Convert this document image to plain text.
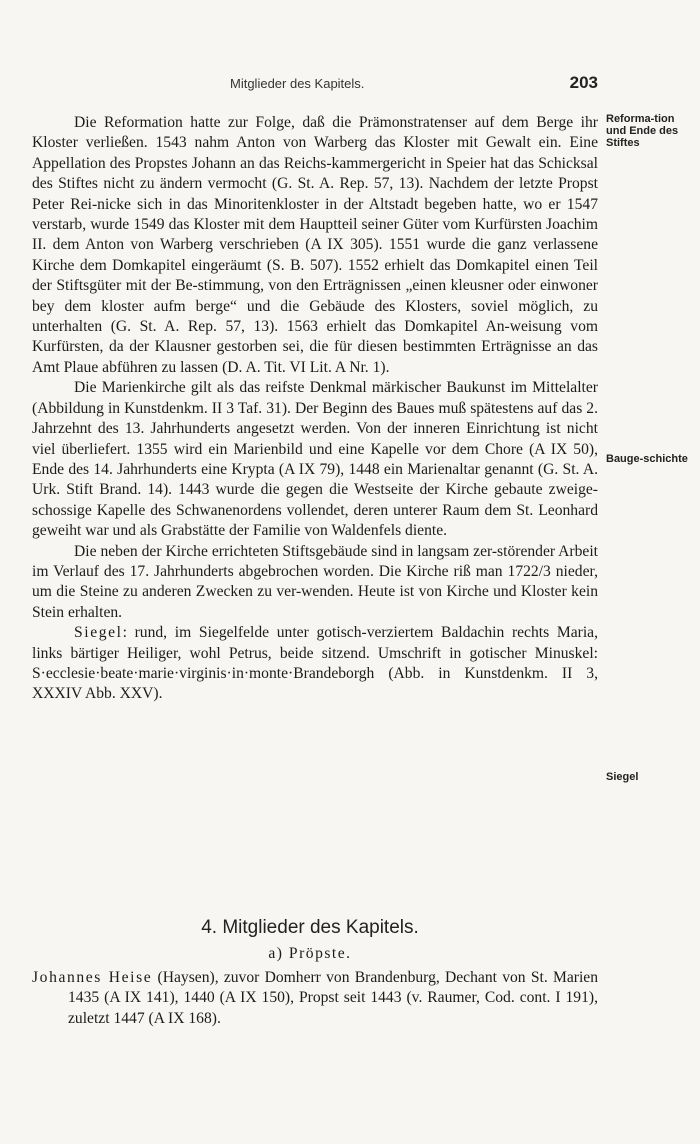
Mitglieder des Kapitels.	203
Reforma-tion und Ende des Stiftes
Bauge-schichte
Siegel

Die Reformation hatte zur Folge, daß die Prämonstratenser auf dem Berge ihr Kloster verließen. 1543 nahm Anton von Warberg das Kloster mit Gewalt ein. Eine Appellation des Propstes Johann an das Reichs-kammergericht in Speier hat das Schicksal des Stiftes nicht zu ändern vermocht (G. St. A. Rep. 57, 13). Nachdem der letzte Propst Peter Rei-nicke sich in das Minoritenkloster in der Altstadt begeben hatte, wo er 1547 verstarb, wurde 1549 das Kloster mit dem Hauptteil seiner Güter vom Kurfürsten Joachim II. dem Anton von Warberg verschrieben (A IX 305). 1551 wurde die ganz verlassene Kirche dem Domkapitel eingeräumt (S. B. 507). 1552 erhielt das Domkapitel einen Teil der Stiftsgüter mit der Be-stimmung, von den Erträgnissen „einen kleusner oder einwoner bey dem kloster aufm berge“ und die Gebäude des Klosters, soviel möglich, zu unterhalten (G. St. A. Rep. 57, 13). 1563 erhielt das Domkapitel An-weisung vom Kurfürsten, da der Klausner gestorben sei, die für diesen bestimmten Erträgnisse an das Amt Plaue abführen zu lassen (D. A. Tit. VI Lit. A Nr. 1).

Die Marienkirche gilt als das reifste Denkmal märkischer Baukunst im Mittelalter (Abbildung in Kunstdenkm. II 3 Taf. 31). Der Beginn des Baues muß spätestens auf das 2. Jahrzehnt des 13. Jahrhunderts angesetzt werden. Von der inneren Einrichtung ist nicht viel überliefert. 1355 wird ein Marienbild und eine Kapelle vor dem Chore (A IX 50), Ende des 14. Jahrhunderts eine Krypta (A IX 79), 1448 ein Marienaltar genannt (G. St. A. Urk. Stift Brand. 14). 1443 wurde die gegen die Westseite der Kirche gebaute zweige-schossige Kapelle des Schwanenordens vollendet, deren unterer Raum dem St. Leonhard geweiht war und als Grabstätte der Familie von Waldenfels diente.

Die neben der Kirche errichteten Stiftsgebäude sind in langsam zer-störender Arbeit im Verlauf des 17. Jahrhunderts abgebrochen worden. Die Kirche riß man 1722/3 nieder, um die Steine zu anderen Zwecken zu ver-wenden. Heute ist von Kirche und Kloster kein Stein erhalten.

Siegel: rund, im Siegelfelde unter gotisch-verziertem Baldachin rechts Maria, links bärtiger Heiliger, wohl Petrus, beide sitzend. Umschrift in gotischer Minuskel: S·ecclesie·beate·marie·virginis·in·monte·Brandeborgh (Abb. in Kunstdenkm. II 3, XXXIV Abb. XXV).

4. Mitglieder des Kapitels.
a) Pröpste.

Johannes Heise (Haysen), zuvor Domherr von Brandenburg, Dechant von St. Marien 1435 (A IX 141), 1440 (A IX 150), Propst seit 1443 (v. Raumer, Cod. cont. I 191), zuletzt 1447 (A IX 168).
